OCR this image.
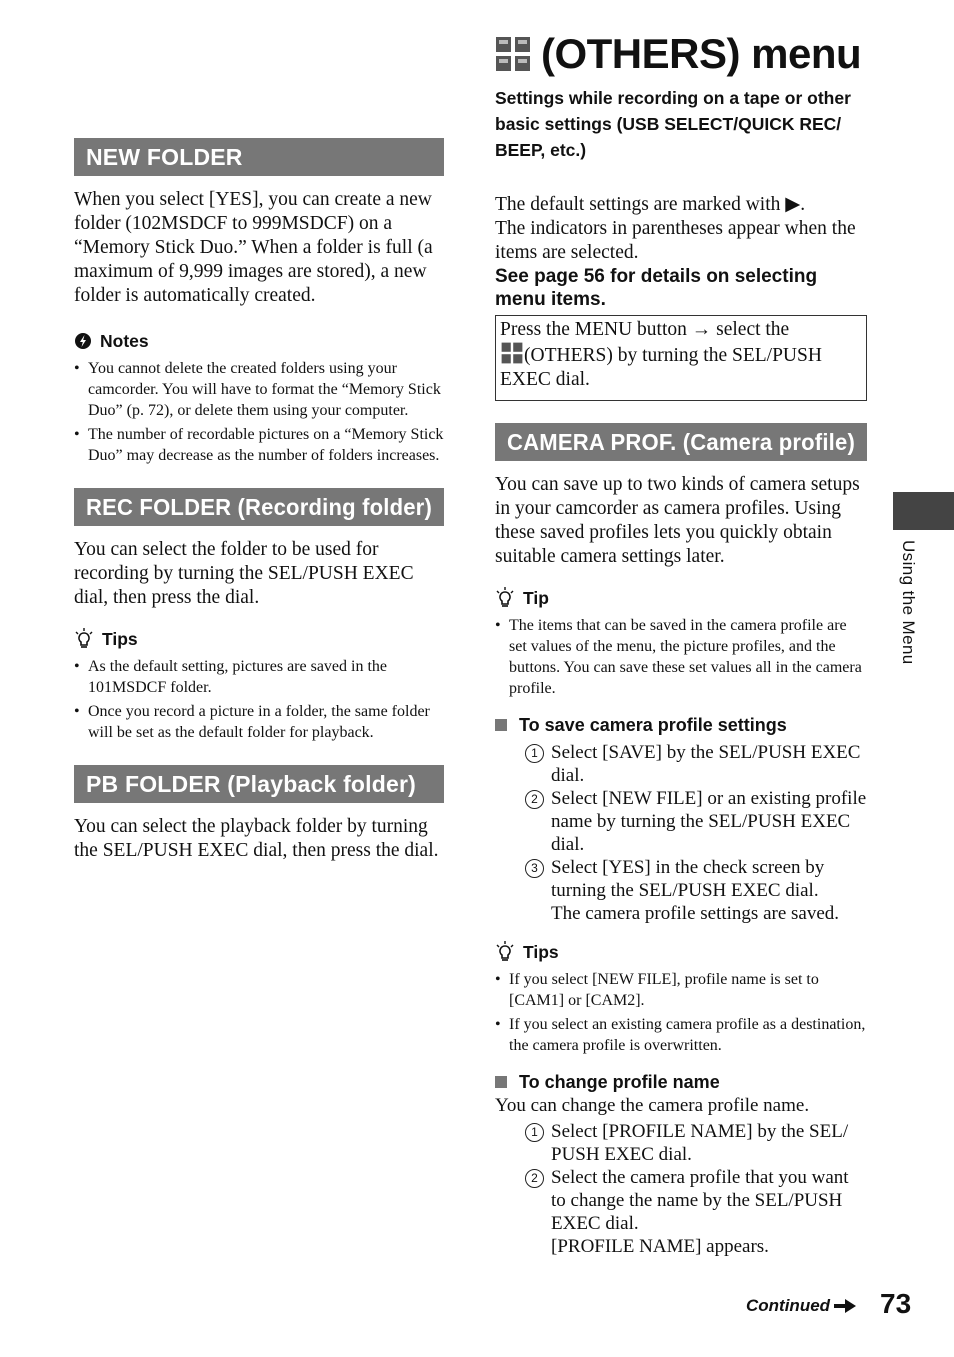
NEW FOLDER

When you select [YES], you can create a new folder (102MSDCF to 999MSDCF) on a “Memory Stick Duo.” When a folder is full (a maximum of 9,999 images are stored), a new folder is automatically created.

Notes
• You cannot delete the created folders using your camcorder. You will have to format the “Memory Stick Duo” (p. 72), or delete them using your computer.
• The number of recordable pictures on a “Memory Stick Duo” may decrease as the number of folders increases.
REC FOLDER (Recording folder)

You can select the folder to be used for recording by turning the SEL/PUSH EXEC dial, then press the dial.

Tips
• As the default setting, pictures are saved in the 101MSDCF folder.
• Once you record a picture in a folder, the same folder will be set as the default folder for playback.
PB FOLDER (Playback folder)

You can select the playback folder by turning the SEL/PUSH EXEC dial, then press the dial.

(OTHERS) menu

Settings while recording on a tape or other basic settings (USB SELECT/QUICK REC/ BEEP, etc.)

The default settings are marked with ▶.

The indicators in parentheses appear when the items are selected.

See page 56 for details on selecting menu items.

Press the MENU button → select the
(OTHERS) by turning the SEL/PUSH EXEC dial.
CAMERA PROF. (Camera profile)

You can save up to two kinds of camera setups in your camcorder as camera profiles. Using these saved profiles lets you quickly obtain suitable camera settings later.

Tip
• The items that can be saved in the camera profile are set values of the menu, the picture profiles, and the buttons. You can save these set values all in the camera profile.
To save camera profile settings
1 Select [SAVE] by the SEL/PUSH EXEC dial.
2 Select [NEW FILE] or an existing profile name by turning the SEL/PUSH EXEC dial.
3 Select [YES] in the check screen by turning the SEL/PUSH EXEC dial.
The camera profile settings are saved.
Tips
• If you select [NEW FILE], profile name is set to [CAM1] or [CAM2].
• If you select an existing camera profile as a destination, the camera profile is overwritten.
To change profile name

You can change the camera profile name.

1 Select [PROFILE NAME] by the SEL/ PUSH EXEC dial.
2 Select the camera profile that you want to change the name by the SEL/PUSH EXEC dial.
[PROFILE NAME] appears.
Using the Menu
Continued 73
